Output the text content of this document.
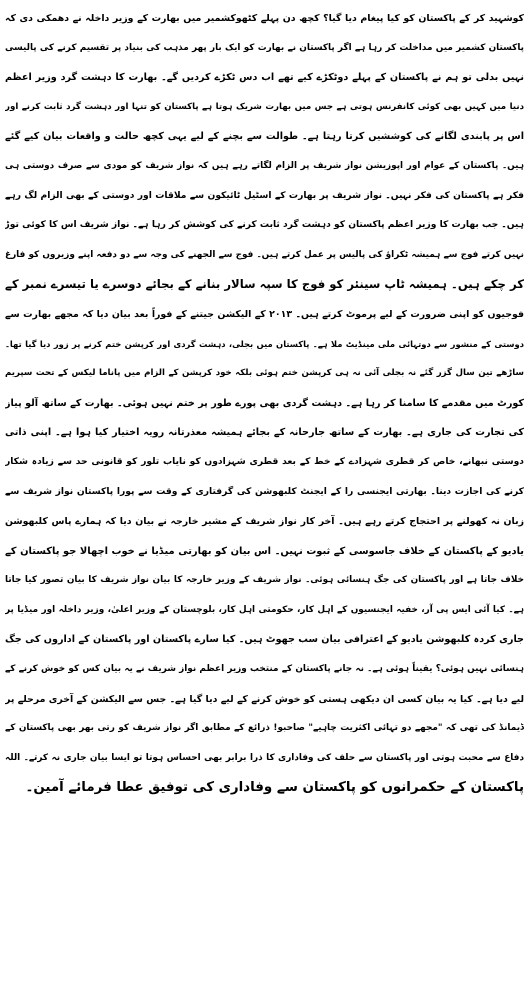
کوشہید کر کے پاکستان کو کیا پیغام دیا گیا؟ کچھ دن پہلے کٹھوکشمیر میں بھارت کے وزیر داخلہ نے دھمکی دی کہ
پاکستان کشمیر میں مداخلت کر رہا ہے اگر پاکستان نے بھارت کو ایک بار پھر مذہب کی بنیاد پر تقسیم کرنے کی پالیسی
نہیں بدلی تو ہم نے پاکستان کے پہلے دوٹکڑے کیے تھے اب دس ٹکڑے کردیں گے۔ بھارت کا دہشت گرد وزیر اعظم
دنیا میں کہیں بھی کوئی کانفرنس ہوتی ہے جس میں بھارت شریک ہوتا ہے پاکستان کو تنہا اور دہشت گرد ثابت کرنے اور
اس پر پابندی لگانے کی کوششیں کرتا رہتا ہے۔ طوالت سے بچنے کے لیے یہی کچھ حالت و واقعات بیان کیے گئے
ہیں۔ پاکستان کے عوام اور اپوزیشن نواز شریف پر الزام لگاتے رہے ہیں کہ نواز شریف کو مودی سے صرف دوستی ہی
فکر ہے پاکستان کی فکر نہیں۔ نواز شریف پر بھارت کے اسٹیل ٹائیکون سے ملاقات اور دوستی کے بھی الزام لگ رہے
ہیں۔ جب بھارت کا وزیر اعظم پاکستان کو دہشت گرد ثابت کرنے کی کوشش کر رہا ہے۔ نواز شریف اس کا کوئی توڑ
نہیں کرتے فوج سے ہمیشہ ٹکراؤ کی پالیس پر عمل کرتے ہیں۔ فوج سے الجھنے کی وجہ سے دو دفعہ اپنے وزیروں کو فارغ
کر چکے ہیں۔ ہمیشہ ٹاپ سینئر کو فوج کا سپہ سالار بنانے کے بجائے دوسرے یا تیسرے نمبر کے
فوجیوں کو اپنی ضرورت کے لیے پرموٹ کرتے ہیں۔ ۲۰۱۳ کے الیکشن جیتنے کے فوراً بعد بیان دیا کہ مجھے بھارت سے
دوستی کے منشور سے دوتہائی ملی مینڈیٹ ملا ہے۔ پاکستان میں بجلی، دہشت گردی اور کرپشن ختم کرنے پر زور دیا گیا تھا۔
ساڑھے تین سال گزر گئے نہ بجلی آئی نہ ہی کرپشن ختم ہوئی بلکہ خود کرپشن کے الزام میں پاناما لیکس کے تحت سپریم
کورٹ میں مقدمے کا سامنا کر رہا ہے۔ دہشت گردی بھی پورے طور پر ختم نہیں ہوئی۔ بھارت کے ساتھ آلو پیاز
کی تجارت کی جاری ہے۔ بھارت کے ساتھ جارحانہ کے بجائے ہمیشہ معذرتانہ رویہ اختیار کیا ہوا ہے۔ اپنی ذاتی
دوستی نبھانے، خاص کر قطری شہزادے کے خط کے بعد قطری شہزادوں کو نایاب تلور کو قانونی حد سے زیادہ شکار
کرنے کی اجازت دینا۔ بھارتی ایجنسی را کے ایجنٹ کلبھوشن کی گرفتاری کے وقت سے پورا پاکستان نواز شریف سے
زبان نہ کھولنے پر احتجاج کرتے رہے ہیں۔ آخر کار نواز شریف کے مشیر خارجہ نے بیان دیا کہ ہمارے پاس کلبھوشن
یادیو کے پاکستان کے خلاف جاسوسی کے ثبوت نہیں۔ اس بیان کو بھارتی میڈیا نے خوب اچھالا جو پاکستان کے
خلاف جاتا ہے اور پاکستان کی جگ ہنسائی ہوئی۔ نواز شریف کے وزیر خارجہ کا بیان نواز شریف کا بیان تصور کیا جاتا
ہے۔ کیا آئی ایس پی آر، خفیہ ایجنسیوں کے اہل کار، حکومتی اہل کار، بلوچستان کے وزیر اعلیٰ، وزیر داخلہ اور میڈیا پر
جاری کردہ کلبھوشن یادیو کے اعترافی بیان سب جھوٹ ہیں۔ کیا سارے پاکستان اور پاکستان کے اداروں کی جگ
ہنسائی نہیں ہوئی؟ یقیناً ہوئی ہے۔ نہ جانے پاکستان کے منتخب وزیر اعظم نواز شریف نے یہ بیان کس کو خوش کرنے کے
لیے دیا ہے۔ کیا یہ بیان کسی ان دیکھی ہستی کو خوش کرنے کے لیے دیا گیا ہے۔ جس سے الیکشن کے آخری مرحلے پر
ڈیمانڈ کی تھی کہ "مجھے دو تہائی اکثریت چاہیے" صاحبو! ذرائع کے مطابق اگر نواز شریف کو رتی بھر بھی پاکستان کے
دفاع سے محبت ہوتی اور پاکستان سے حلف کی وفاداری کا ذرا برابر بھی احساس ہوتا تو ایسا بیان جاری نہ کرتے۔ اللہ
پاکستان کے حکمرانوں کو پاکستان سے وفاداری کی توفیق عطا فرمائے آمین۔
